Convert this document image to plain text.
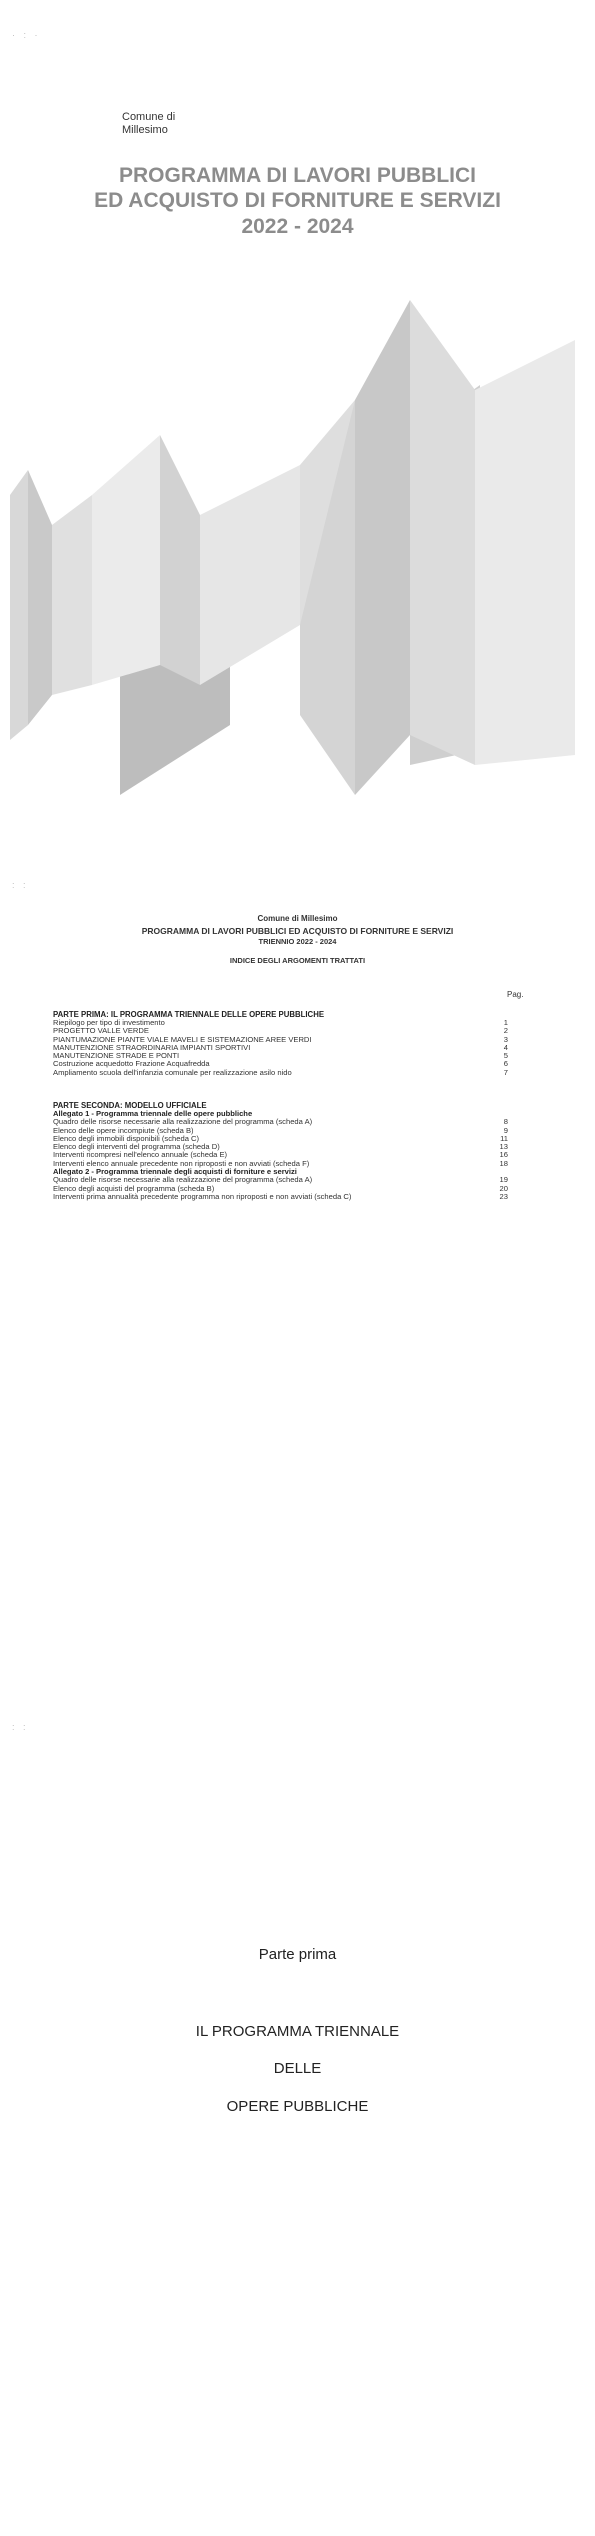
· : ·
: :
: :
Comune di
Millesimo
PROGRAMMA DI LAVORI PUBBLICI
ED ACQUISTO DI FORNITURE E SERVIZI
2022 - 2024
Comune di Millesimo
PROGRAMMA DI LAVORI PUBBLICI ED ACQUISTO DI FORNITURE E SERVIZI
TRIENNIO 2022 - 2024
INDICE DEGLI ARGOMENTI TRATTATI
Pag.
PARTE PRIMA: IL PROGRAMMA TRIENNALE DELLE OPERE PUBBLICHE
Riepilogo per tipo di investimento	1
PROGETTO VALLE VERDE	2
PIANTUMAZIONE PIANTE VIALE MAVELI E SISTEMAZIONE AREE VERDI	3
MANUTENZIONE STRAORDINARIA IMPIANTI SPORTIVI	4
MANUTENZIONE STRADE E PONTI	5
Costruzione acquedotto Frazione Acquafredda	6
Ampliamento scuola dell'infanzia comunale per realizzazione asilo nido	7
PARTE SECONDA: MODELLO UFFICIALE
Allegato 1 - Programma triennale delle opere pubbliche
Quadro delle risorse necessarie alla realizzazione del programma (scheda A)	8
Elenco delle opere incompiute (scheda B)	9
Elenco degli immobili disponibili (scheda C)	11
Elenco degli interventi del programma (scheda D)	13
Interventi ricompresi nell'elenco annuale (scheda E)	16
Interventi elenco annuale precedente non riproposti e non avviati (scheda F)	18
Allegato 2 - Programma triennale degli acquisti di forniture e servizi
Quadro delle risorse necessarie alla realizzazione del programma (scheda A)	19
Elenco degli acquisti del programma (scheda B)	20
Interventi prima annualità precedente programma non riproposti e non avviati (scheda C)	23
Parte prima
IL PROGRAMMA TRIENNALE
DELLE
OPERE PUBBLICHE
